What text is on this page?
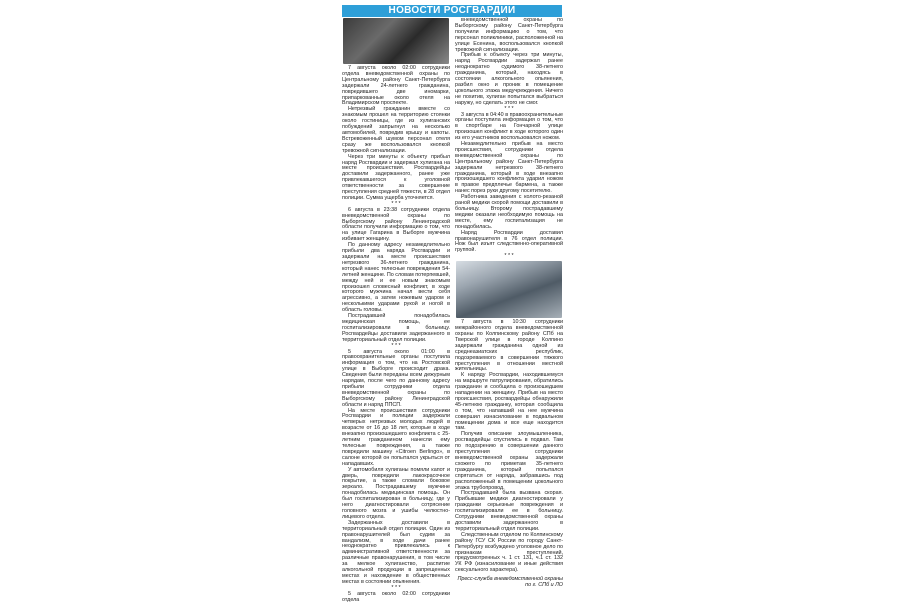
НОВОСТИ РОСГВАРДИИ

7 августа около 02:00 сотрудники отдела вневедомственной охраны по Центральному району Санкт-Петербурга задержали 24-летнего гражданина, повредившего две иномарки, припаркованные около отеля на Владимирском проспекте.

Нетрезвый гражданин вместе со знакомым прошел на территорию стоянки около гостиницы, где из хулиганских побуждений запрыгнул на несколько автомобилей, повредив крышу и капоты. Встревоженный шумом персонал отеля сразу же воспользовался кнопкой тревожной сигнализации.

Через три минуты к объекту прибыл наряд Росгвардии и задержал хулигана на месте происшествия. Росгвардейцы доставили задержанного, ранее уже привлекавшегося к уголовной ответственности за совершение преступления средней тяжести, в 28 отдел полиции. Сумма ущерба уточняется.

* * *

6 августа в 23:38 сотрудники отдела вневедомственной охраны по Выборгскому району Ленинградской области получили информацию о том, что на улице Гагарина в Выборге мужчина избивает женщину.

По данному адресу незамедлительно прибыли два наряда Росгвардии и задержали на месте происшествия нетрезвого 36-летнего гражданина, который нанес телесные повреждения 54-летней женщине. По словам потерпевшей, между ней и ее новым знакомым произошел словесный конфликт, в ходе которого мужчина начал вести себя агрессивно, а затем ножевым ударом и несколькими ударами рукой и ногой в область головы.

Пострадавшей понадобилась медицинская помощь, ее госпитализировали в больницу. Росгвардейцы доставили задержанного в территориальный отдел полиции.

* * *

5 августа около 01:00 в правоохранительные органы поступила информация о том, что на Ростовской улице в Выборге происходит драка. Сведения были переданы всем дежурным нарядам, после чего по данному адресу прибыли сотрудники отдела вневедомственной охраны по Выборгскому району Ленинградской области и наряд ППСП.

На месте происшествия сотрудники Росгвардии и полиции задержали четверых нетрезвых молодых людей в возрасте от 16 до 18 лет, которые в ходе внезапно произошедшего конфликта с 25-летним гражданином нанесли ему телесные повреждения, а также повредили машину «Citroen Berlingo», в салоне которой он попытался укрыться от нападавших.

У автомобиля хулиганы помяли капот и дверь, повредили лакокрасочное покрытие, а также сломали боковое зеркало. Пострадавшему мужчине понадобилась медицинская помощь. Он был госпитализирован в больницу, где у него диагностировали сотрясение головного мозга и ушибы челюстно-лицевого отдела.

Задержанных доставили в территориальный отдел полиции. Один из правонарушителей был судим за вандализм, в ходе дачи ранее неоднократно привлекались к административной ответственности за различные правонарушения, в том числе за мелкое хулиганство, распитие алкогольной продукции в запрещенных местах и нахождение в общественных местах в состоянии опьянения.

* * *

5 августа около 02:00 сотрудники отдела

вневедомственной охраны по Выборгскому району Санкт-Петербурга получили информацию о том, что персонал поликлиники, расположенной на улице Есенина, воспользовался кнопкой тревожной сигнализации.

Прибыв к объекту через три минуты, наряд Росгвардии задержал ранее неоднократно судимого 38-летнего гражданина, который, находясь в состоянии алкогольного опьянения, разбил окно и проник в помещение цокольного этажа медучреждения. Ничего не похитив, хулиган попытался выбраться наружу, но сделать этого не смог.

* * *

3 августа в 04:40 в правоохранительные органы поступила информация о том, что в спортбаре на Гончарной улице произошел конфликт в ходе которого один из его участников воспользовался ножом.

Незамедлительно прибыв на место происшествия, сотрудники отдела вневедомственной охраны по Центральному району Санкт-Петербурга задержали нетрезвого 38-летнего гражданина, который в ходе внезапно произошедшего конфликта ударил ножом в правое предплечье бармена, а также нанес порез руки другому посетителю.

Работника заведения с колото-резаной раной медики скорой помощи доставили в больницу. Второму пострадавшему медики оказали необходимую помощь на месте, ему госпитализация не понадобилась.

Наряд Росгвардии доставил правонарушителя в 76 отдел полиции. Нож был изъят следственно-оперативной группой.

* * *

7 августа в 10:30 сотрудники межрайонного отдела вневедомственной охраны по Колпинскому району СПб на Тверской улице в городе Колпино задержали гражданина одной из среднеазиатских республик, подозреваемого в совершении тяжкого преступления в отношении местной жительницы.

К наряду Росгвардии, находившемуся на маршруте патрулирования, обратились гражданин и сообщила о произошедшем нападении на женщину. Прибыв на место происшествия, росгвардейцы обнаружили 45-летнюю гражданку, которая сообщила о том, что напавший на нее мужчина совершил изнасилование в подвальном помещении дома и все еще находится там.

Получив описание злоумышленника, росгвардейцы спустились в подвал. Там по подозрению в совершении данного преступления сотрудники вневедомственной охраны задержали схожего по приметам 35-летнего гражданина, который попытался спрятаться от наряда, забравшись под расположенный в помещении цокольного этажа трубопровод.

Пострадавшей была вызвана скорая. Прибывшие медики диагностировали у гражданки серьезные повреждения и госпитализировали ее в больницу. Сотрудники вневедомственной охраны доставили задержанного в территориальный отдел полиции.

Следственным отделом по Колпинскому району ГСУ СК России по городу Санкт-Петербургу возбуждено уголовное дело по признакам преступлений, предусмотренных ч. 1 ст. 131, ч.1 ст. 132 УК РФ (изнасилование и иные действия сексуального характера).

Пресс-служба вневедомственной охраны по г. СПб и ЛО
